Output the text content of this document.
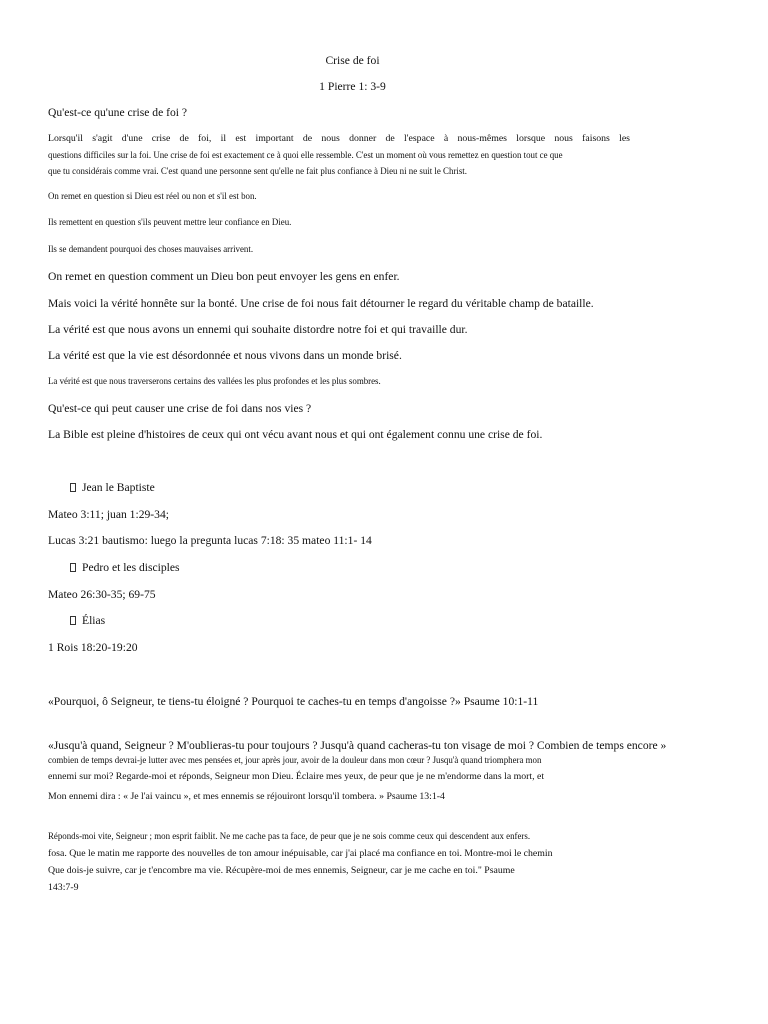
Crise de foi
1 Pierre 1: 3-9
Qu'est-ce qu'une crise de foi ?
Lorsqu'il s'agit d'une crise de foi, il est important de nous donner de l'espace à nous-mêmes lorsque nous faisons les
questions difficiles sur la foi. Une crise de foi est exactement ce à quoi elle ressemble. C'est un moment où vous remettez en question tout ce que
que tu considérais comme vrai. C'est quand une personne sent qu'elle ne fait plus confiance à Dieu ni ne suit le Christ.
On remet en question si Dieu est réel ou non et s'il est bon.
Ils remettent en question s'ils peuvent mettre leur confiance en Dieu.
Ils se demandent pourquoi des choses mauvaises arrivent.
On remet en question comment un Dieu bon peut envoyer les gens en enfer.
Mais voici la vérité honnête sur la bonté. Une crise de foi nous fait détourner le regard du véritable champ de bataille.
La vérité est que nous avons un ennemi qui souhaite distordre notre foi et qui travaille dur.
La vérité est que la vie est désordonnée et nous vivons dans un monde brisé.
La vérité est que nous traverserons certains des vallées les plus profondes et les plus sombres.
Qu'est-ce qui peut causer une crise de foi dans nos vies ?
La Bible est pleine d'histoires de ceux qui ont vécu avant nous et qui ont également connu une crise de foi.
Jean le Baptiste
Mateo 3:11; juan 1:29-34;
Lucas 3:21 bautismo: luego la pregunta lucas 7:18: 35 mateo 11:1- 14
Pedro et les disciples
Mateo 26:30-35; 69-75
Élias
1 Rois 18:20-19:20
«Pourquoi, ô Seigneur, te tiens-tu éloigné ? Pourquoi te caches-tu en temps d'angoisse ?» Psaume 10:1-11
«Jusqu'à quand, Seigneur ? M'oublieras-tu pour toujours ? Jusqu'à quand cacheras-tu ton visage de moi ? Combien de temps encore »
combien de temps devrai-je lutter avec mes pensées et, jour après jour, avoir de la douleur dans mon cœur ? Jusqu'à quand triomphera mon
ennemi sur moi? Regarde-moi et réponds, Seigneur mon Dieu. Éclaire mes yeux, de peur que je ne m'endorme dans la mort, et
Mon ennemi dira : « Je l'ai vaincu », et mes ennemis se réjouiront lorsqu'il tombera. » Psaume 13:1-4
Réponds-moi vite, Seigneur ; mon esprit faiblit. Ne me cache pas ta face, de peur que je ne sois comme ceux qui descendent aux enfers.
fosa. Que le matin me rapporte des nouvelles de ton amour inépuisable, car j'ai placé ma confiance en toi. Montre-moi le chemin
Que dois-je suivre, car je t'encombre ma vie. Récupère-moi de mes ennemis, Seigneur, car je me cache en toi." Psaume
143:7-9
